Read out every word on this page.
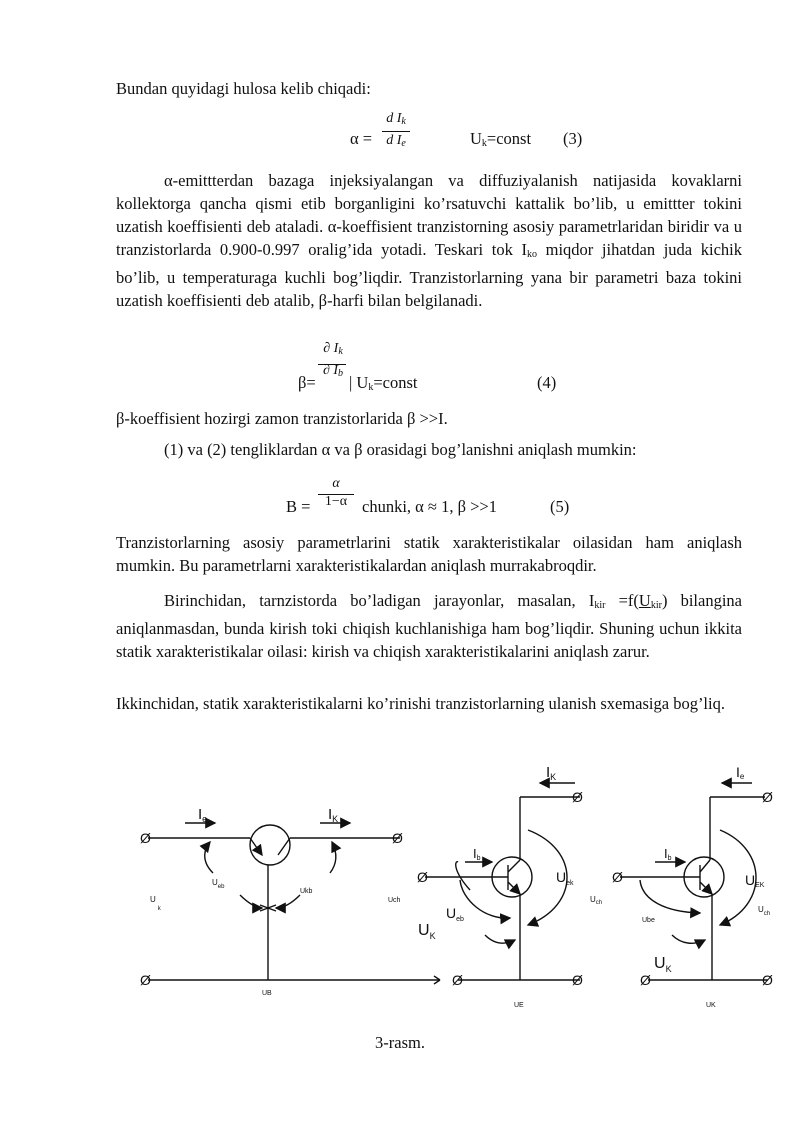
Bundan quyidagi hulosa kelib chiqadi:
α =
d $I_k$
d $I_e$	$U_k=const$ (3)
α-emittterdan bazaga injeksiyalangan va diffuziyalanish natijasida kovaklarni kollektorga qancha qismi etib borganligini ko’rsatuvchi kattalik bo’lib, u emittter tokini uzatish koeffisienti deb ataladi. α-koeffisient tranzistorning asosiy parametrlaridan biridir va u tranzistorlarda 0.900-0.997 oralig’ida yotadi. Teskari tok $I_{ko}$ miqdor jihatdan juda kichik bo’lib, u temperaturaga kuchli bog’liqdir. Tranzistorlarning yana bir parametri baza tokini uzatish koeffisienti deb atalib, β-harfi bilan belgilanadi.
∂ $I_k$
β=
∂ $I_b$ | $U_k=const$	(4)
β-koeffisient hozirgi zamon tranzistorlarida β >>I.
(1) va (2) tengliklardan α va β orasidagi bog’lanishni aniqlash mumkin:
α
B =	1−α chunki, α ≈ 1, β >>1	(5)
Tranzistorlarning asosiy parametrlarini statik xarakteristikalar oilasidan ham aniqlash mumkin. Bu parametrlarni xarakteristikalardan aniqlash murrakabroqdir.
Birinchidan, tarnzistorda bo’ladigan jarayonlar, masalan, $I_{kir} =f(U_{kir})$ bilangina aniqlanmasdan, bunda kirish toki chiqish kuchlanishiga ham bog’liqdir. Shuning uchun ikkita statik xarakteristikalar oilasi: kirish va chiqish xarakteristikalarini aniqlash zarur.
Ikkinchidan, statik xarakteristikalarni ko’rinishi tranzistorlarning ulanish sxemasiga bog’liq.
Ø	Ø
Ø
Ø
Ø
Ø	Ø
Ø
Ø
Ø	Ø
$I_e$	$I_K$
$U_k$
$U_{eb}$
Ukb
Uch
UB
$I_K$
Ib
$U_{ek}$
$U_{eb}$
$U_K$
$U_{ch}$
UE
Ie
Ib
UEK
$U_{ch}$
Ube
$U_K$
UK
3-rasm.
